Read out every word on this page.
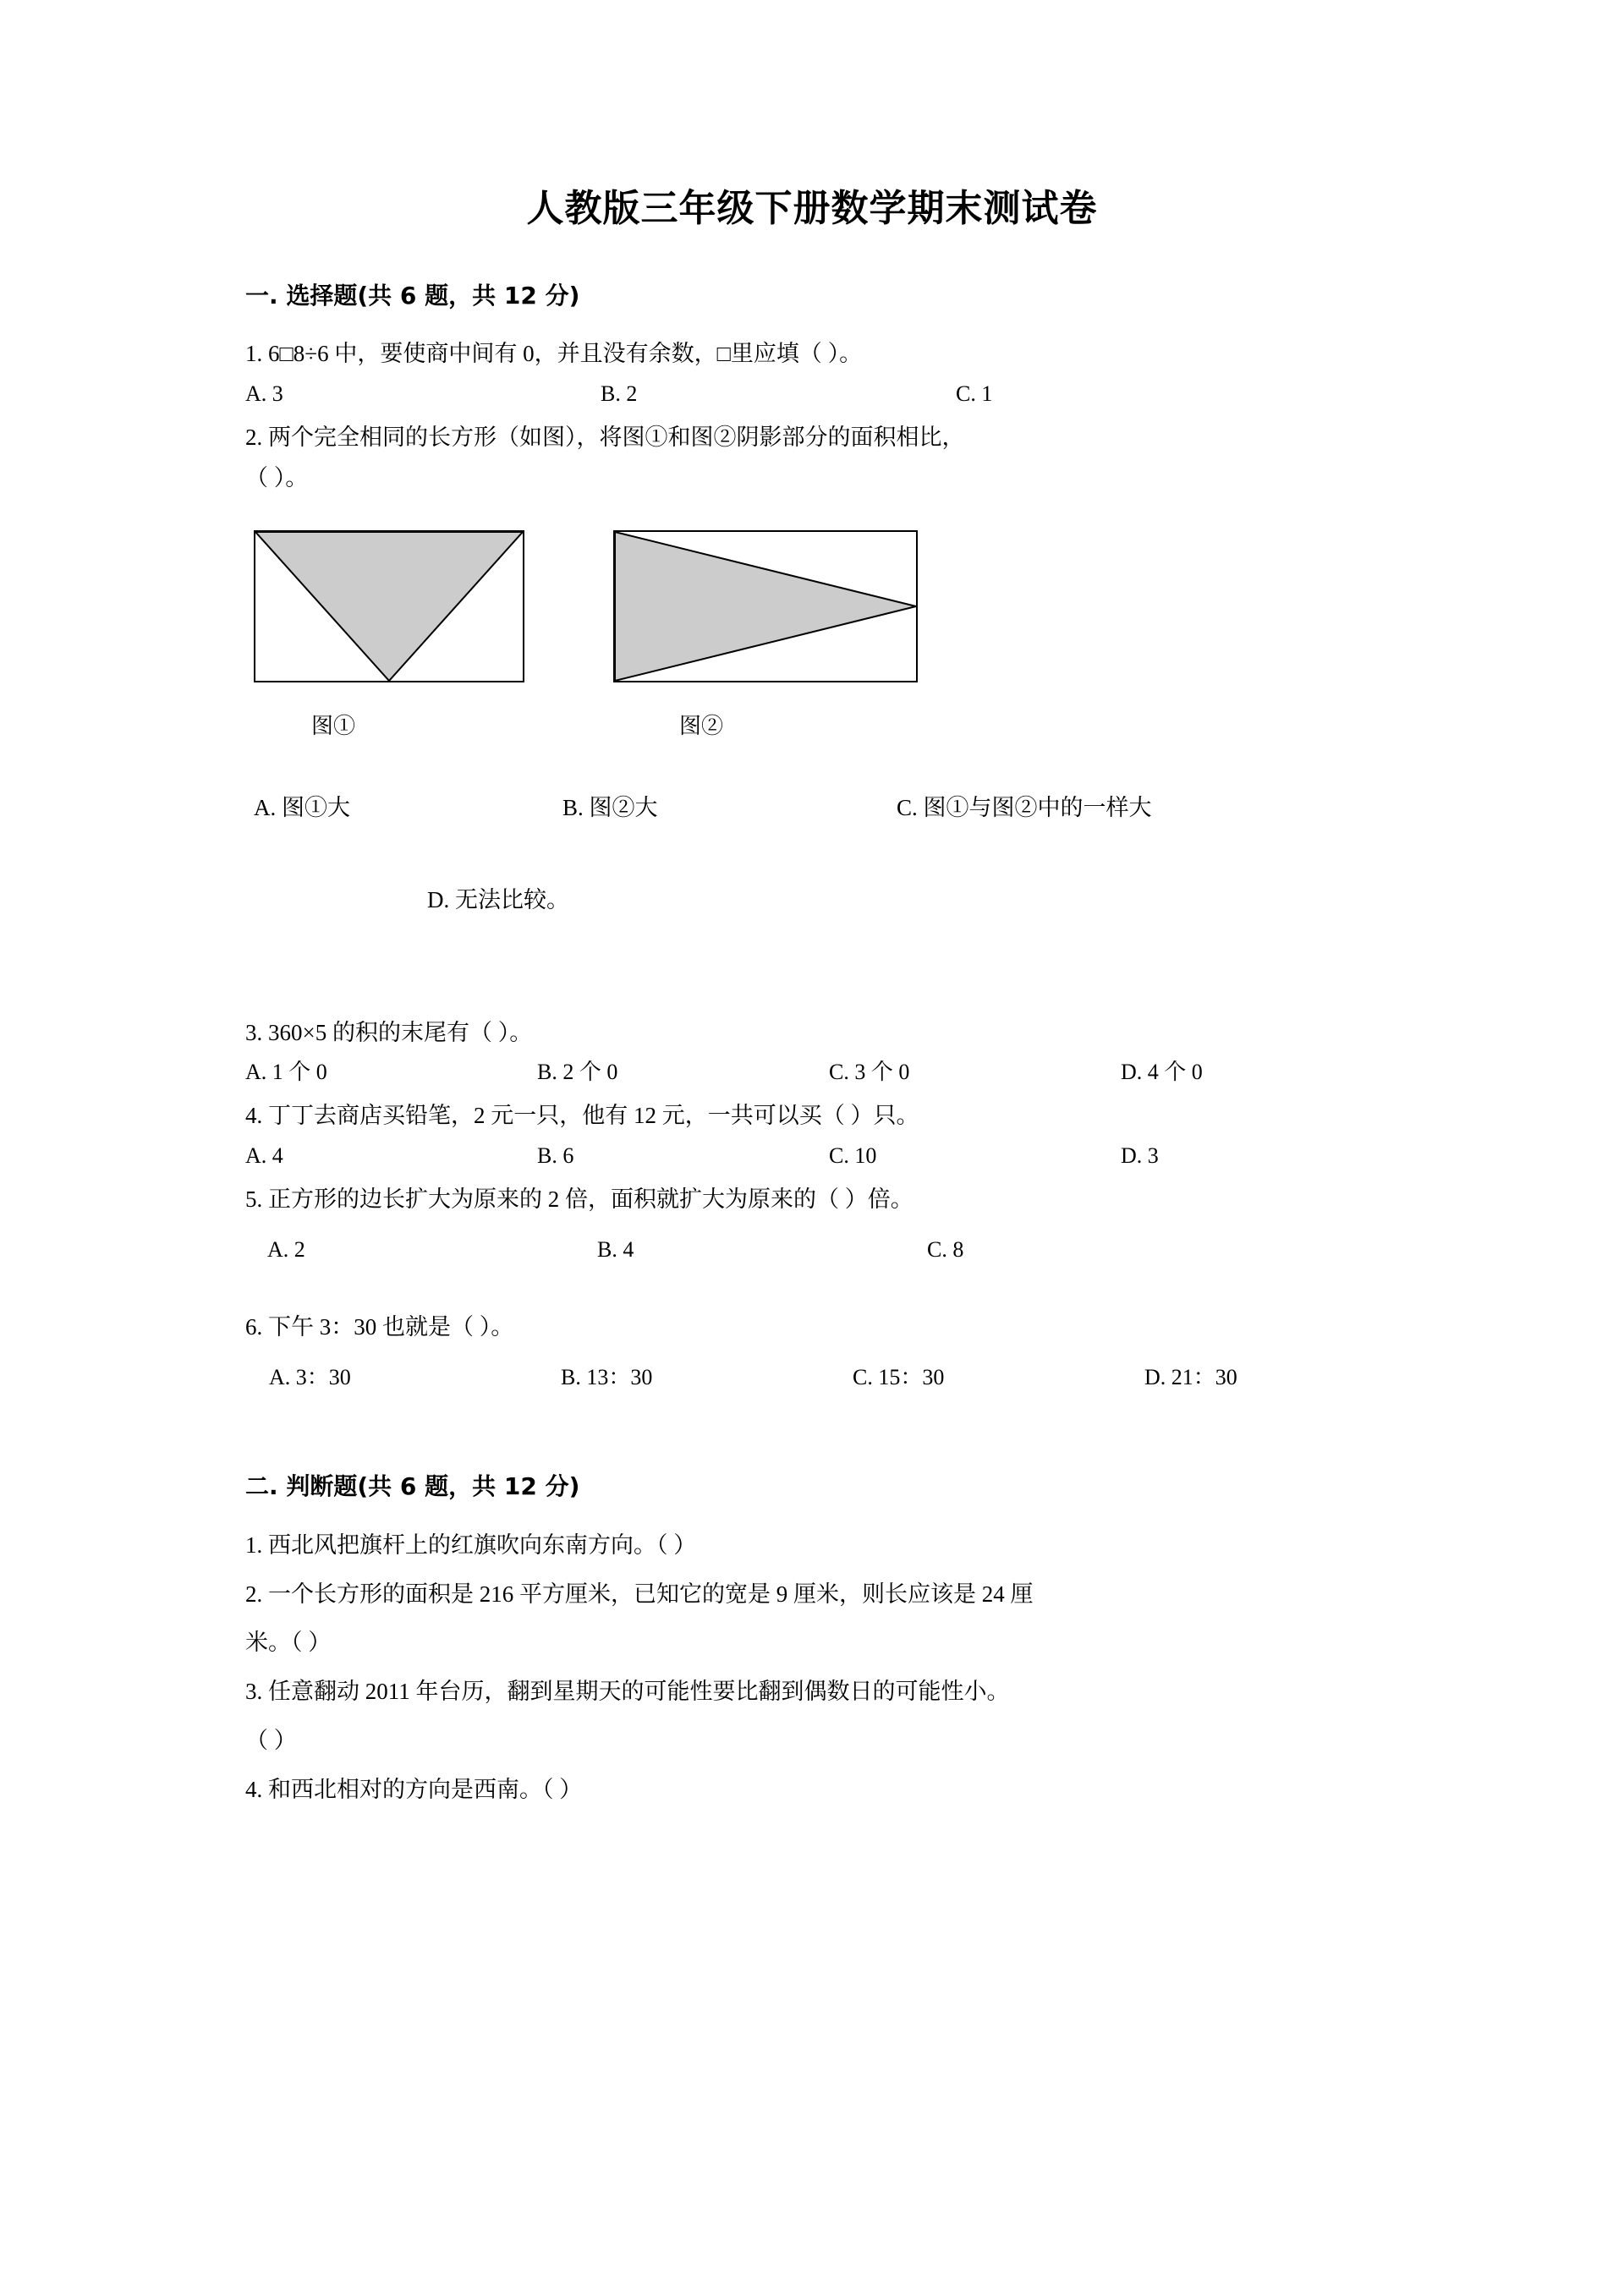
人教版三年级下册数学期末测试卷
一. 选择题(共 6 题，共 12 分)
1. 6□8÷6 中，要使商中间有 0，并且没有余数，□里应填（ ）。
A. 3	B. 2	C. 1
2. 两个完全相同的长方形（如图），将图①和图②阴影部分的面积相比，
（ ）。
图①	图②
A. 图①大	B. 图②大	C. 图①与图②中的一样大
D. 无法比较。
3. 360×5 的积的末尾有（ ）。
A. 1 个 0	B. 2 个 0	C. 3 个 0	D. 4 个 0
4. 丁丁去商店买铅笔，2 元一只，他有 12 元，一共可以买（ ）只。
A. 4	B. 6	C. 10	D. 3
5. 正方形的边长扩大为原来的 2 倍，面积就扩大为原来的（ ）倍。
A. 2	B. 4	C. 8
6. 下午 3：30 也就是（ ）。
A. 3：30	B. 13：30	C. 15：30	D. 21：30
二. 判断题(共 6 题，共 12 分)
1. 西北风把旗杆上的红旗吹向东南方向。（ ）
2. 一个长方形的面积是 216 平方厘米，已知它的宽是 9 厘米，则长应该是 24 厘
米。（ ）
3. 任意翻动 2011 年台历，翻到星期天的可能性要比翻到偶数日的可能性小。
（ ）
4. 和西北相对的方向是西南。（ ）
